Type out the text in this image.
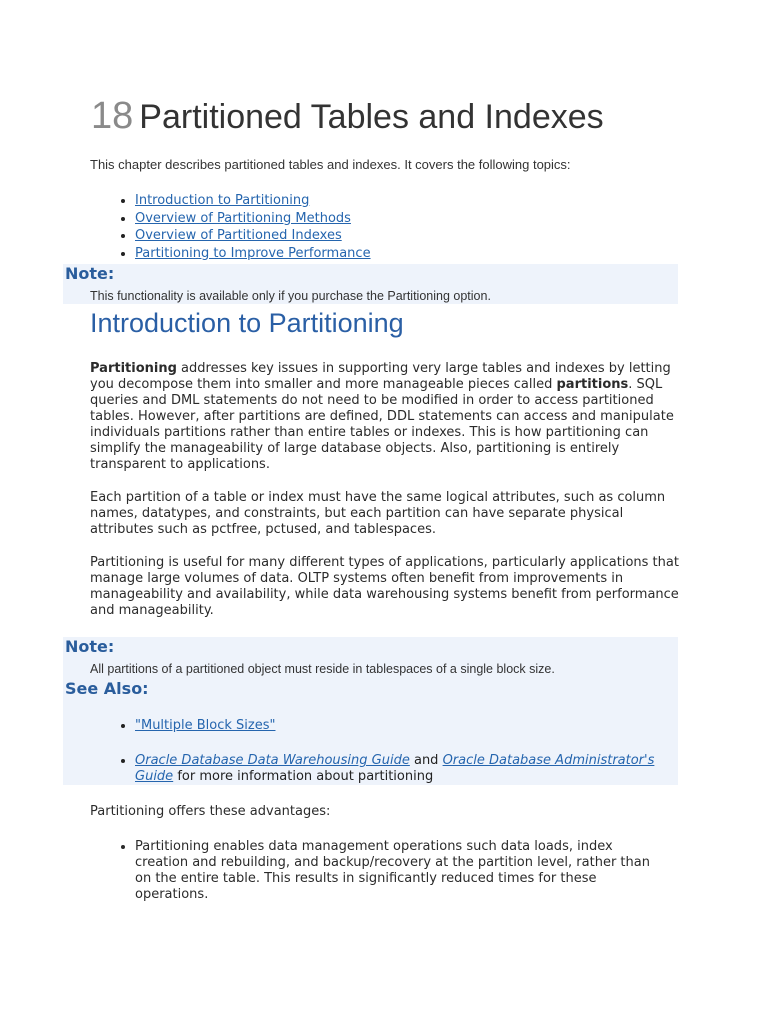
18 Partitioned Tables and Indexes

This chapter describes partitioned tables and indexes. It covers the following topics:

• Introduction to Partitioning
• Overview of Partitioning Methods
• Overview of Partitioned Indexes
• Partitioning to Improve Performance

Note:

This functionality is available only if you purchase the Partitioning option.

Introduction to Partitioning

Partitioning addresses key issues in supporting very large tables and indexes by letting you decompose them into smaller and more manageable pieces called partitions. SQL queries and DML statements do not need to be modified in order to access partitioned tables. However, after partitions are defined, DDL statements can access and manipulate individuals partitions rather than entire tables or indexes. This is how partitioning can simplify the manageability of large database objects. Also, partitioning is entirely transparent to applications.

Each partition of a table or index must have the same logical attributes, such as column names, datatypes, and constraints, but each partition can have separate physical attributes such as pctfree, pctused, and tablespaces.

Partitioning is useful for many different types of applications, particularly applications that manage large volumes of data. OLTP systems often benefit from improvements in manageability and availability, while data warehousing systems benefit from performance and manageability.

Note:

All partitions of a partitioned object must reside in tablespaces of a single block size.

See Also:

• "Multiple Block Sizes"
• Oracle Database Data Warehousing Guide and Oracle Database Administrator's Guide for more information about partitioning

Partitioning offers these advantages:

• Partitioning enables data management operations such data loads, index creation and rebuilding, and backup/recovery at the partition level, rather than on the entire table. This results in significantly reduced times for these operations.
